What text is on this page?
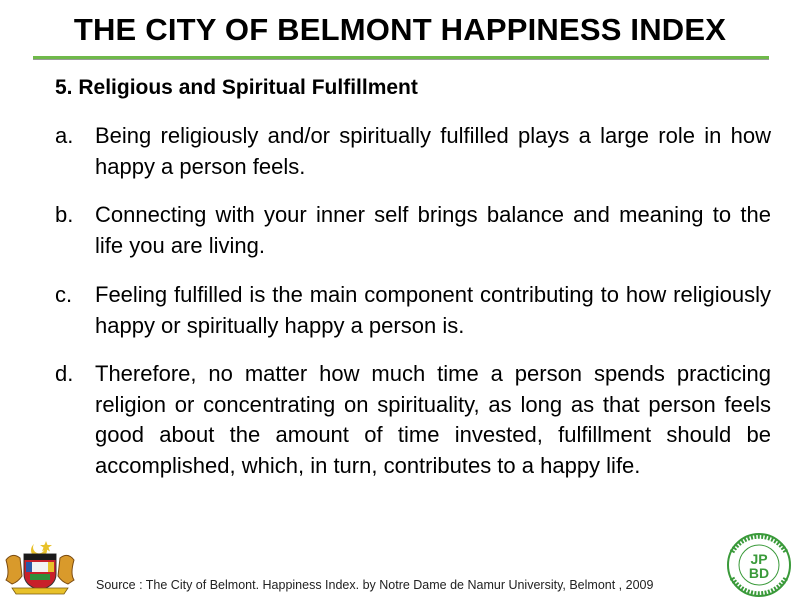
THE CITY OF BELMONT HAPPINESS INDEX
5. Religious and Spiritual Fulfillment
a. Being religiously and/or spiritually fulfilled plays a large role in how happy a person feels.
b. Connecting with your inner self brings balance and meaning to the life you are living.
c. Feeling fulfilled is the main component contributing to how religiously happy or spiritually happy a person is.
d. Therefore, no matter how much time a person spends practicing religion or concentrating on spirituality, as long as that person feels good about the amount of time invested, fulfillment should be accomplished, which, in turn, contributes to a happy life.
JP
BD
Source : The City of Belmont. Happiness Index. by Notre Dame de Namur University, Belmont , 2009
